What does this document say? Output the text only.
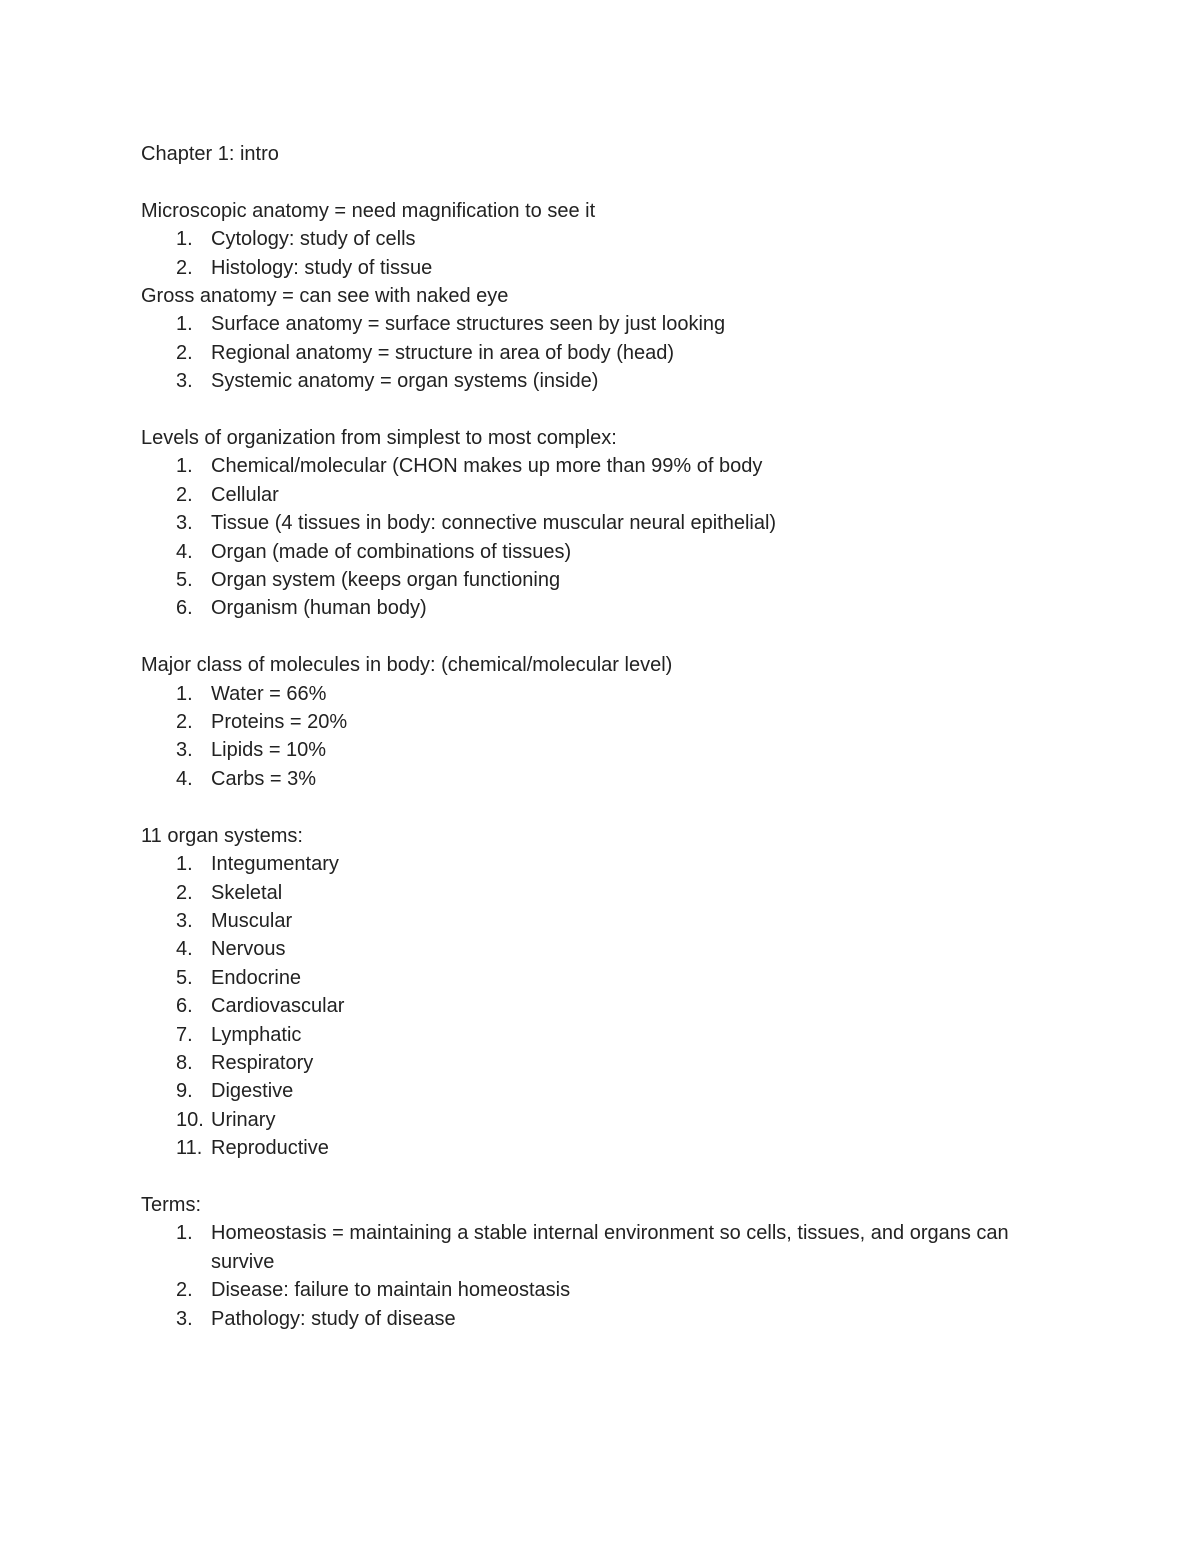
Chapter 1: intro
Microscopic anatomy = need magnification to see it
1. Cytology: study of cells
2. Histology: study of tissue
Gross anatomy = can see with naked eye
1. Surface anatomy = surface structures seen by just looking
2. Regional anatomy = structure in area of body (head)
3. Systemic anatomy = organ systems (inside)
Levels of organization from simplest to most complex:
1. Chemical/molecular (CHON makes up more than 99% of body
2. Cellular
3. Tissue (4 tissues in body: connective muscular neural epithelial)
4. Organ (made of combinations of tissues)
5. Organ system (keeps organ functioning
6. Organism (human body)
Major class of molecules in body: (chemical/molecular level)
1. Water = 66%
2. Proteins = 20%
3. Lipids = 10%
4. Carbs = 3%
11 organ systems:
1. Integumentary
2. Skeletal
3. Muscular
4. Nervous
5. Endocrine
6. Cardiovascular
7. Lymphatic
8. Respiratory
9. Digestive
10. Urinary
11. Reproductive
Terms:
1. Homeostasis = maintaining a stable internal environment so cells, tissues, and organs can survive
2. Disease: failure to maintain homeostasis
3. Pathology: study of disease
